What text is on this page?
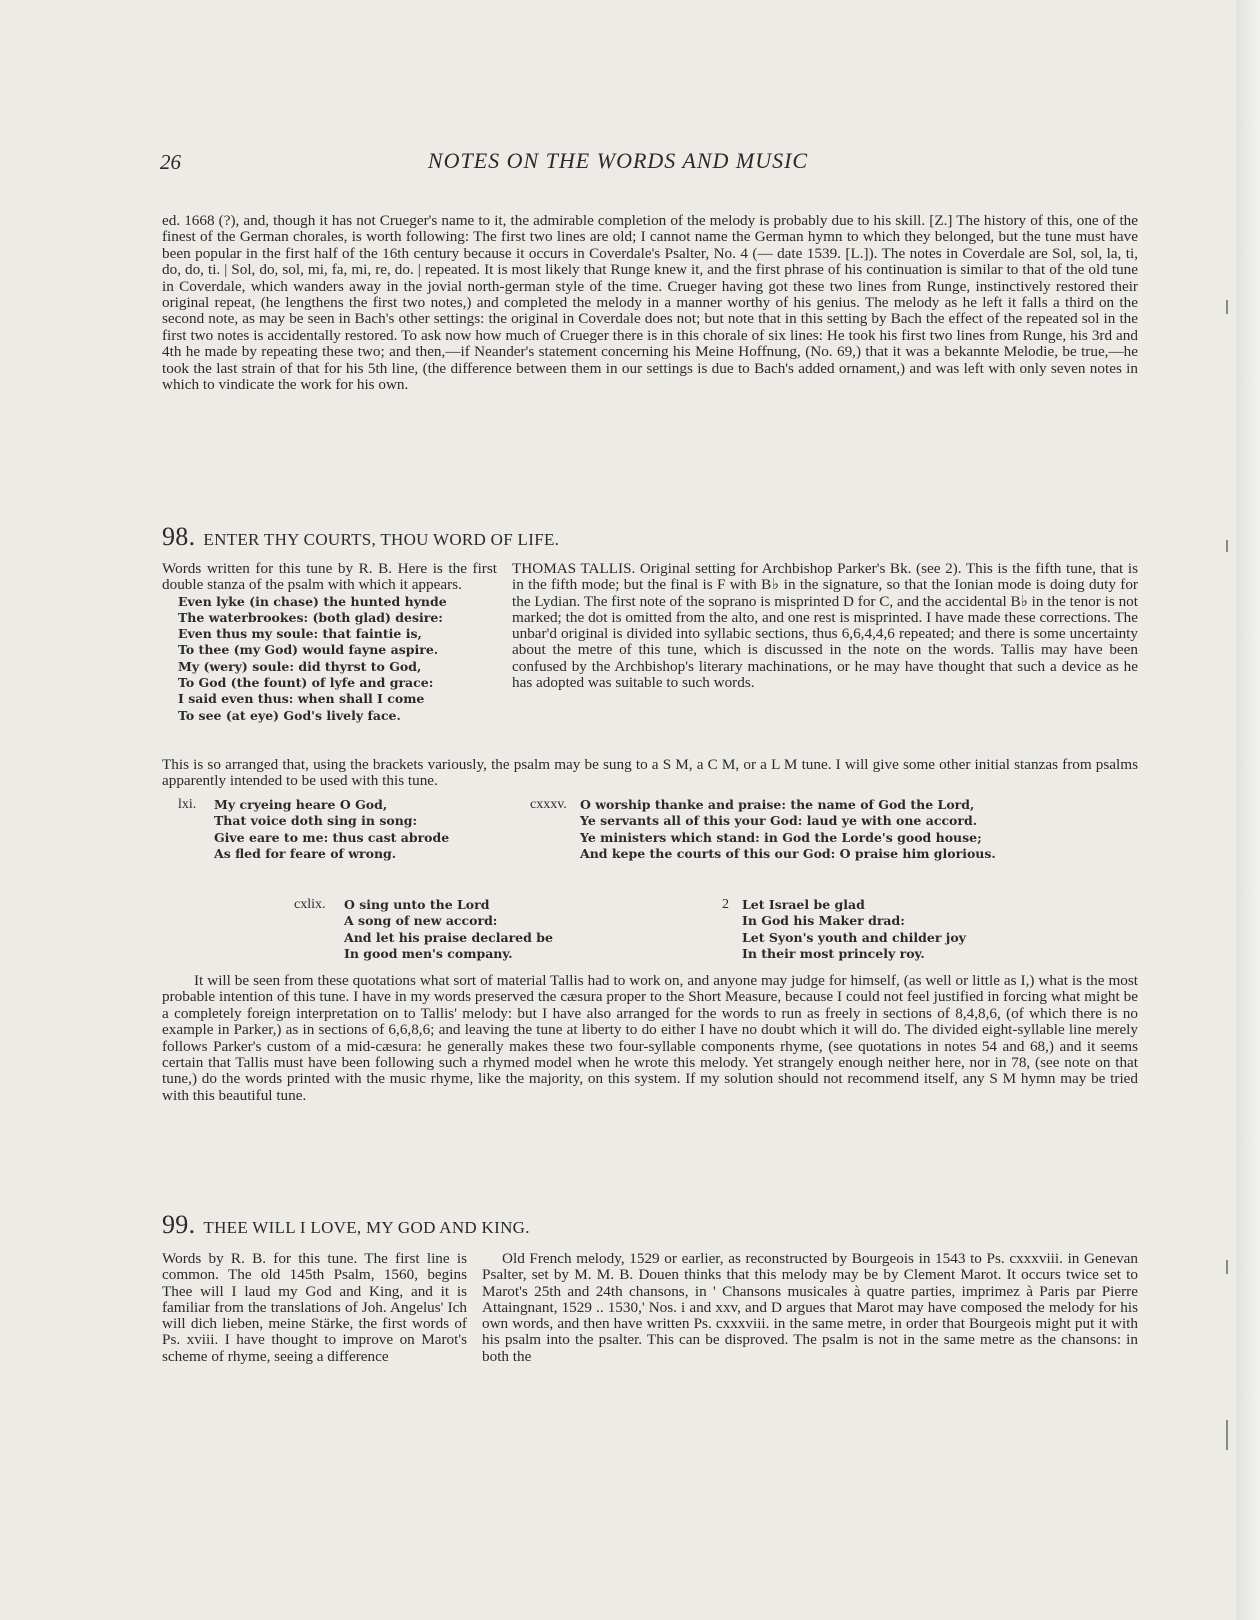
26	NOTES ON THE WORDS AND MUSIC
ed. 1668 (?), and, though it has not Crueger's name to it, the admirable completion of the melody is probably due to his skill. [Z.] The history of this, one of the finest of the German chorales, is worth following: The first two lines are old; I cannot name the German hymn to which they belonged, but the tune must have been popular in the first half of the 16th century because it occurs in Coverdale's Psalter, No. 4 (— date 1539. [L.]). The notes in Coverdale are Sol, sol, la, ti, do, do, ti. | Sol, do, sol, mi, fa, mi, re, do. | repeated. It is most likely that Runge knew it, and the first phrase of his continuation is similar to that of the old tune in Coverdale, which wanders away in the jovial north-german style of the time. Crueger having got these two lines from Runge, instinctively restored their original repeat, (he lengthens the first two notes,) and completed the melody in a manner worthy of his genius. The melody as he left it falls a third on the second note, as may be seen in Bach's other settings: the original in Coverdale does not; but note that in this setting by Bach the effect of the repeated sol in the first two notes is accidentally restored. To ask now how much of Crueger there is in this chorale of six lines: He took his first two lines from Runge, his 3rd and 4th he made by repeating these two; and then,—if Neander's statement concerning his Meine Hoffnung, (No. 69,) that it was a bekannte Melodie, be true,—he took the last strain of that for his 5th line, (the difference between them in our settings is due to Bach's added ornament,) and was left with only seven notes in which to vindicate the work for his own.
98. ENTER THY COURTS, THOU WORD OF LIFE.
Words written for this tune by R. B. Here is the first double stanza of the psalm with which it appears.
Even lyke (in chase) the hunted hynde
The waterbrookes: (both glad) desire:
Even thus my soule: that faintie is,
To thee (my God) would fayne aspire.
My (wery) soule: did thyrst to God,
To God (the fount) of lyfe and grace:
I said even thus: when shall I come
To see (at eye) God's lively face.
THOMAS TALLIS. Original setting for Archbishop Parker's Bk. (see 2). This is the fifth tune, that is in the fifth mode; but the final is F with B♭ in the signature, so that the Ionian mode is doing duty for the Lydian. The first note of the soprano is misprinted D for C, and the accidental B♭ in the tenor is not marked; the dot is omitted from the alto, and one rest is misprinted. I have made these corrections. The unbar'd original is divided into syllabic sections, thus 6,6,4,4,6 repeated; and there is some uncertainty about the metre of this tune, which is discussed in the note on the words. Tallis may have been confused by the Archbishop's literary machinations, or he may have thought that such a device as he has adopted was suitable to such words.
This is so arranged that, using the brackets variously, the psalm may be sung to a S M, a C M, or a L M tune. I will give some other initial stanzas from psalms apparently intended to be used with this tune.
lxi. My cryeing heare O God,
That voice doth sing in song:
Give eare to me: thus cast abrode
As fled for feare of wrong.
cxxxv. O worship thanke and praise: the name of God the Lord,
Ye servants all of this your God: laud ye with one accord.
Ye ministers which stand: in God the Lorde's good house;
And kepe the courts of this our God: O praise him glorious.
cxlix. O sing unto the Lord
A song of new accord:
And let his praise declared be
In good men's company.
2 Let Israel be glad
In God his Maker drad:
Let Syon's youth and childer joy
In their most princely roy.
It will be seen from these quotations what sort of material Tallis had to work on, and anyone may judge for himself, (as well or little as I,) what is the most probable intention of this tune. I have in my words preserved the cæsura proper to the Short Measure, because I could not feel justified in forcing what might be a completely foreign interpretation on to Tallis' melody: but I have also arranged for the words to run as freely in sections of 8,4,8,6, (of which there is no example in Parker,) as in sections of 6,6,8,6; and leaving the tune at liberty to do either I have no doubt which it will do. The divided eight-syllable line merely follows Parker's custom of a mid-cæsura: he generally makes these two four-syllable components rhyme, (see quotations in notes 54 and 68,) and it seems certain that Tallis must have been following such a rhymed model when he wrote this melody. Yet strangely enough neither here, nor in 78, (see note on that tune,) do the words printed with the music rhyme, like the majority, on this system. If my solution should not recommend itself, any S M hymn may be tried with this beautiful tune.
99. THEE WILL I LOVE, MY GOD AND KING.
Words by R. B. for this tune. The first line is common. The old 145th Psalm, 1560, begins Thee will I laud my God and King, and it is familiar from the translations of Joh. Angelus' Ich will dich lieben, meine Stärke, the first words of Ps. xviii. I have thought to improve on Marot's scheme of rhyme, seeing a difference
Old French melody, 1529 or earlier, as reconstructed by Bourgeois in 1543 to Ps. cxxxviii. in Genevan Psalter, set by M. M. B. Douen thinks that this melody may be by Clement Marot. It occurs twice set to Marot's 25th and 24th chansons, in ' Chansons musicales à quatre parties, imprimez à Paris par Pierre Attaingnant, 1529 .. 1530,' Nos. i and xxv, and D argues that Marot may have composed the melody for his own words, and then have written Ps. cxxxviii. in the same metre, in order that Bourgeois might put it with his psalm into the psalter. This can be disproved. The psalm is not in the same metre as the chansons: in both the
